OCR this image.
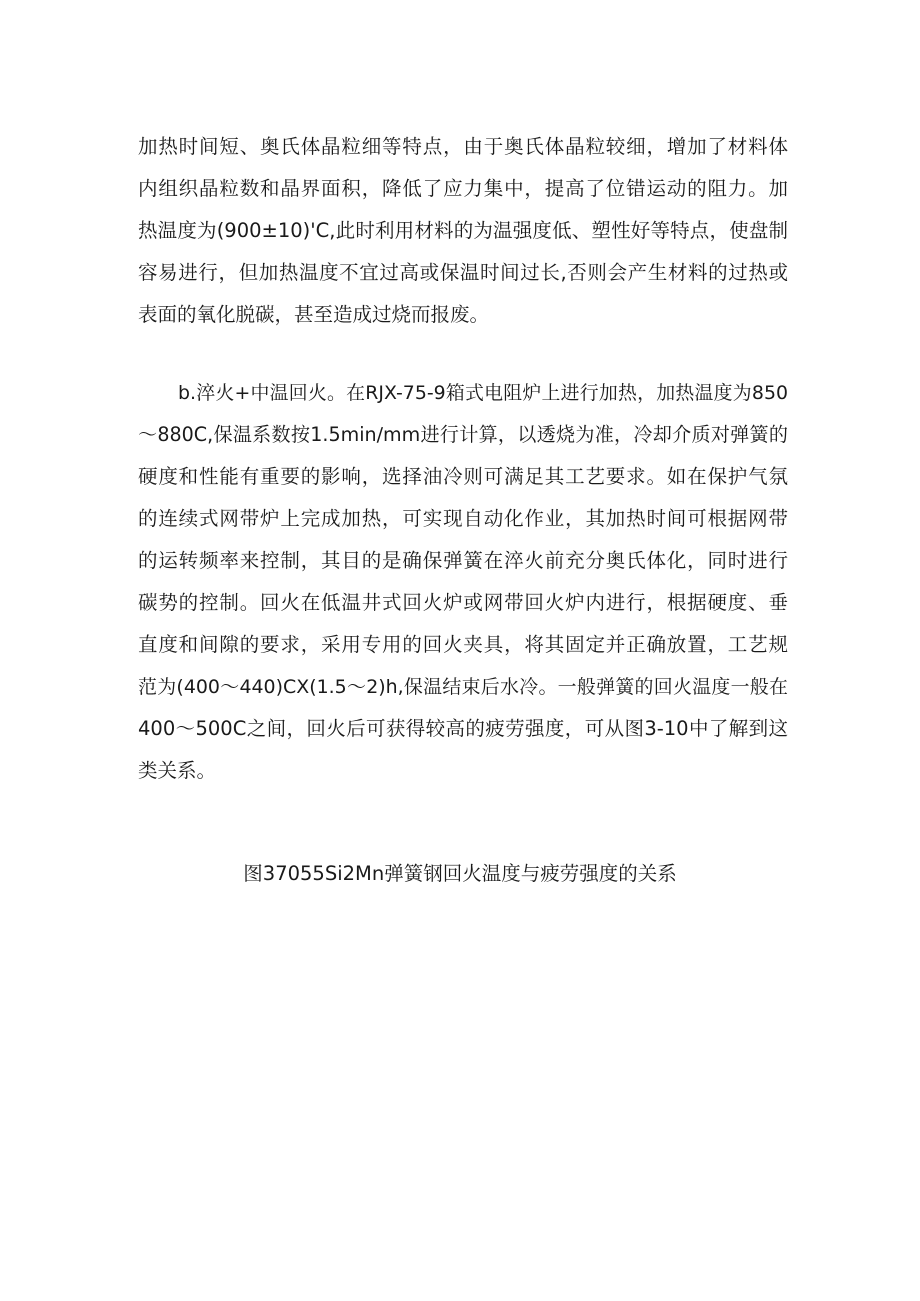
加热时间短、奥氏体晶粒细等特点，由于奥氏体晶粒较细，增加了材料体
内组织晶粒数和晶界面积，降低了应力集中，提高了位错运动的阻力。加
热温度为(900±10)'C,此时利用材料的为温强度低、塑性好等特点，使盘制
容易进行，但加热温度不宜过高或保温时间过长,否则会产生材料的过热或
表面的氧化脱碳，甚至造成过烧而报废。
b.淬火+中温回火。在RJX-75-9箱式电阻炉上进行加热，加热温度为850
～880C,保温系数按1.5min∕mm进行计算，以透烧为准，冷却介质对弹簧的
硬度和性能有重要的影响，选择油冷则可满足其工艺要求。如在保护气氛
的连续式网带炉上完成加热，可实现自动化作业，其加热时间可根据网带
的运转频率来控制，其目的是确保弹簧在淬火前充分奥氏体化，同时进行
碳势的控制。回火在低温井式回火炉或网带回火炉内进行，根据硬度、垂
直度和间隙的要求，采用专用的回火夹具，将其固定并正确放置，工艺规
范为(400～440)CX(1.5～2)h,保温结束后水冷。一般弹簧的回火温度一般在
400～500C之间，回火后可获得较高的疲劳强度，可从图3-10中了解到这
类关系。
图37055Si2Mn弹簧钢回火温度与疲劳强度的关系
